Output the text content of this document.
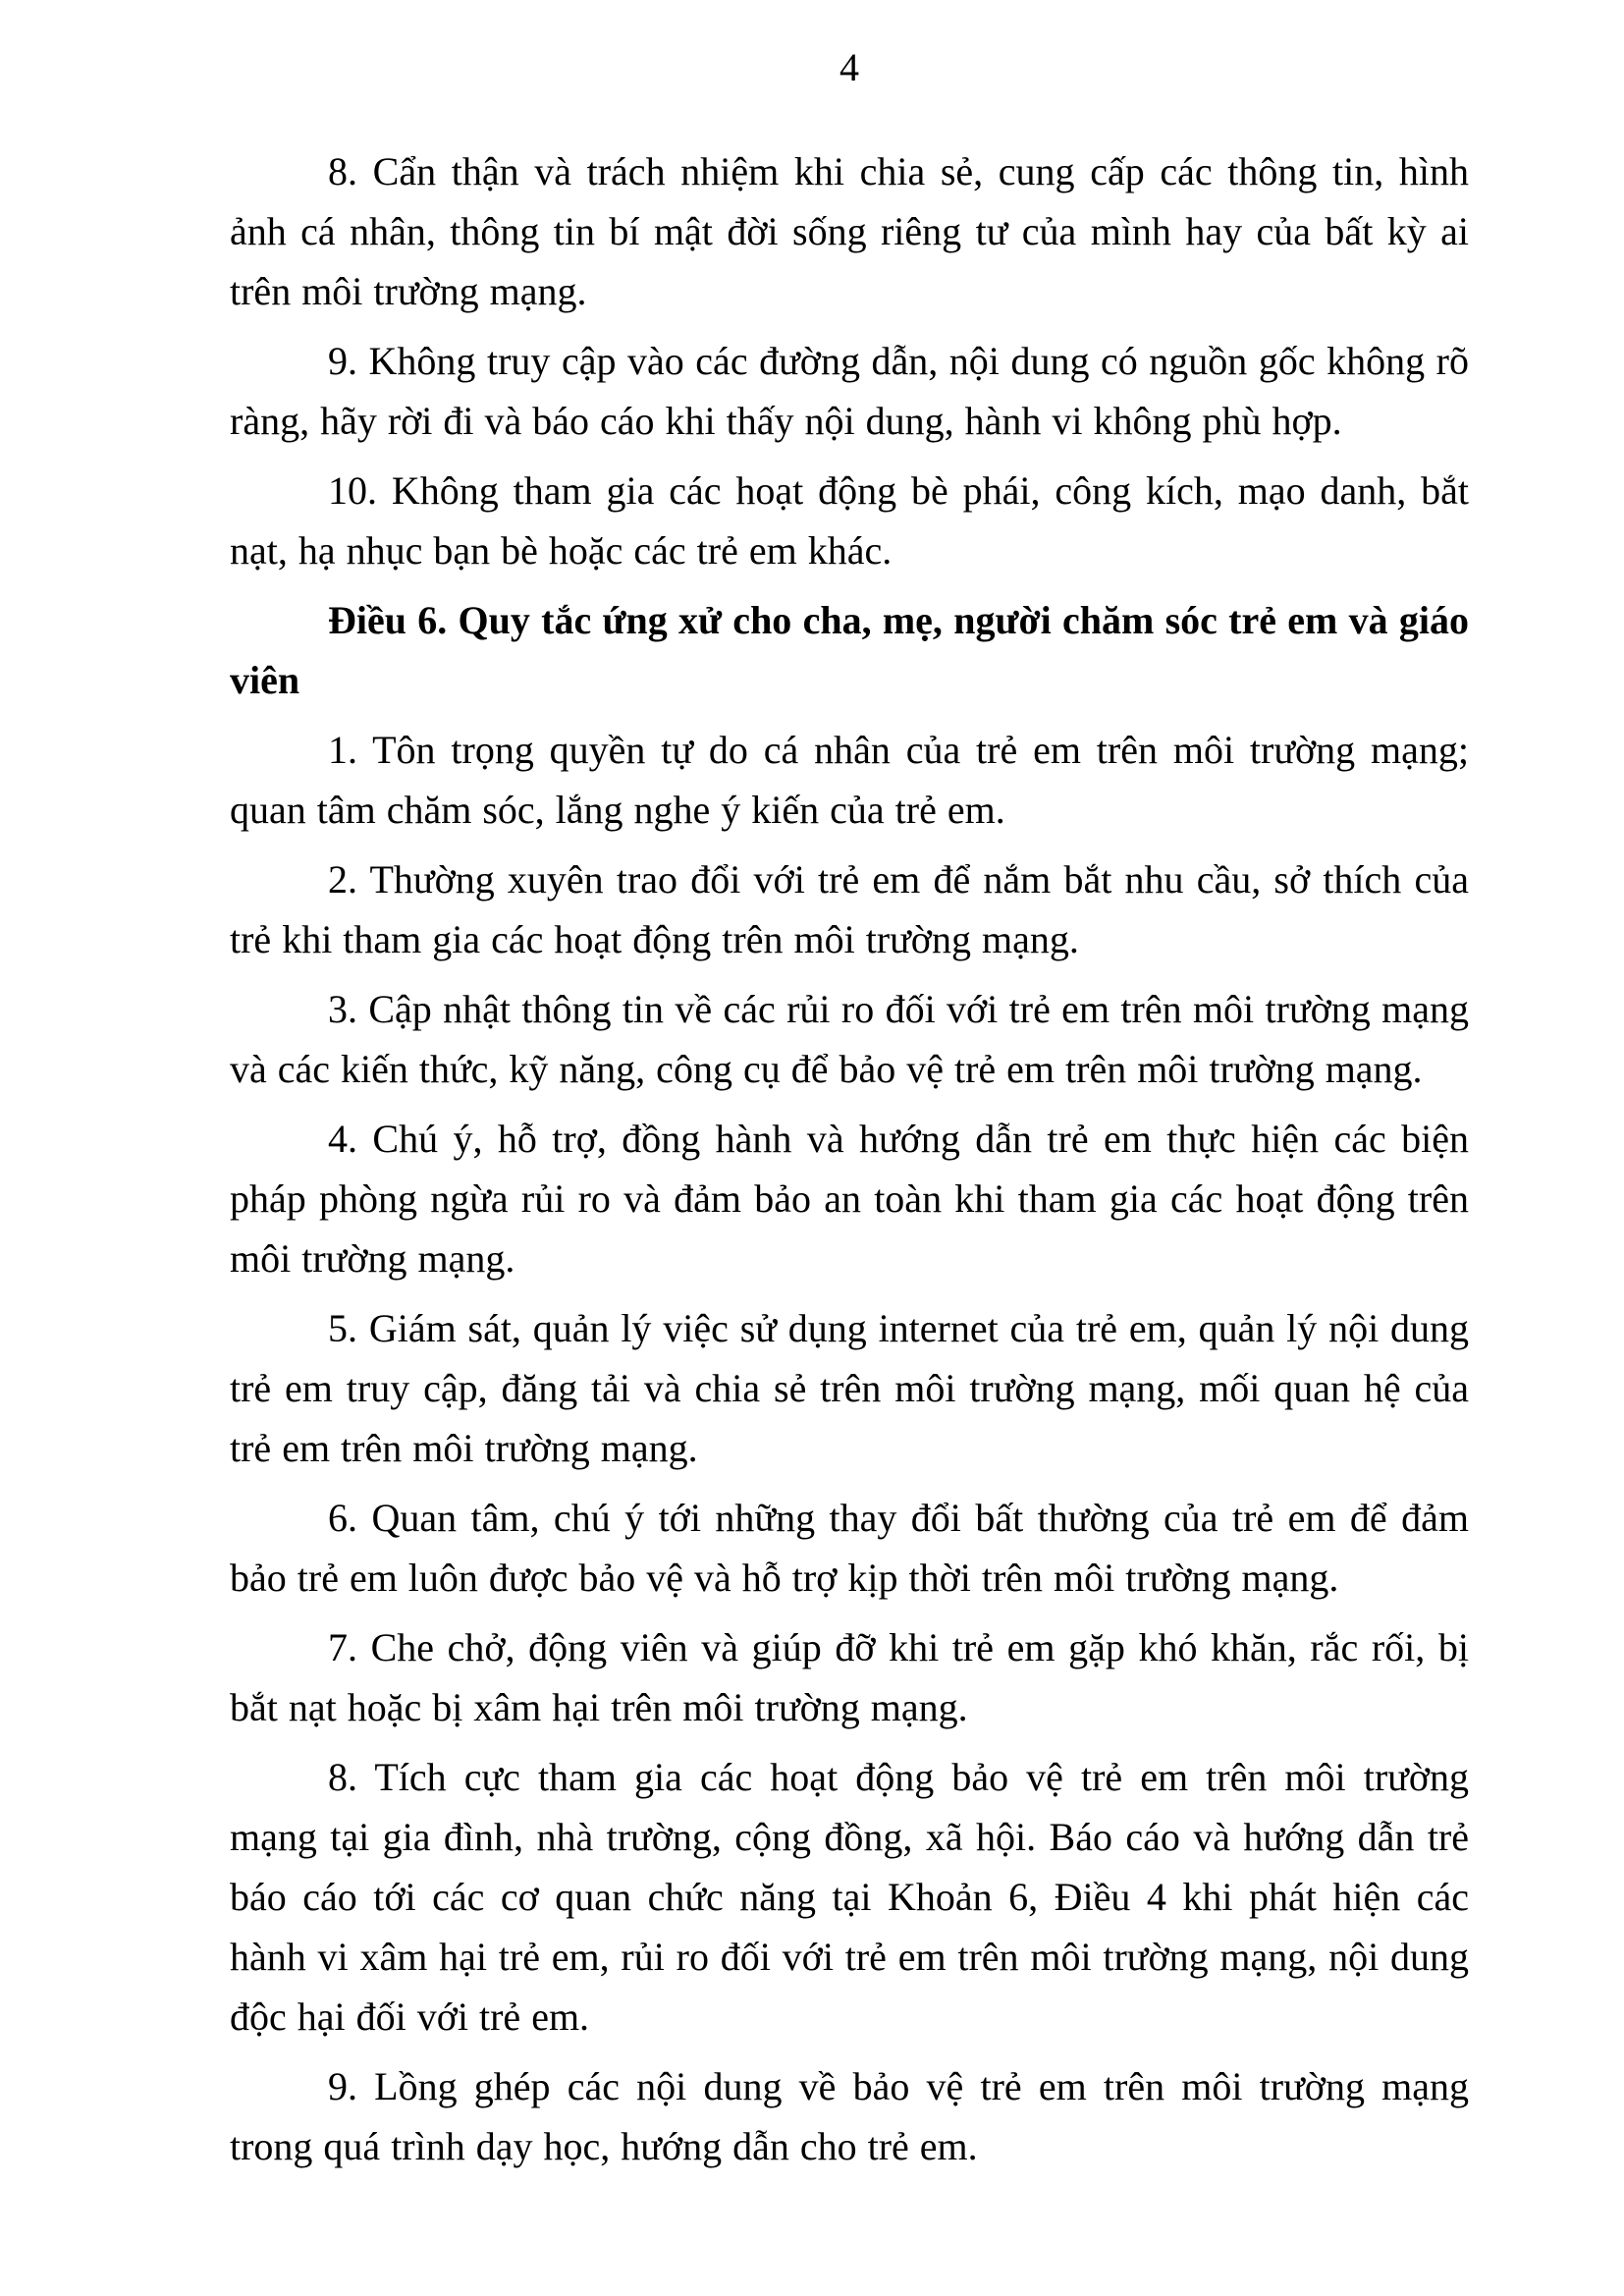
4

8. Cẩn thận và trách nhiệm khi chia sẻ, cung cấp các thông tin, hình ảnh cá nhân, thông tin bí mật đời sống riêng tư của mình hay của bất kỳ ai trên môi trường mạng.

9. Không truy cập vào các đường dẫn, nội dung có nguồn gốc không rõ ràng, hãy rời đi và báo cáo khi thấy nội dung, hành vi không phù hợp.

10. Không tham gia các hoạt động bè phái, công kích, mạo danh, bắt nạt, hạ nhục bạn bè hoặc các trẻ em khác.

Điều 6. Quy tắc ứng xử cho cha, mẹ, người chăm sóc trẻ em và giáo viên

1. Tôn trọng quyền tự do cá nhân của trẻ em trên môi trường mạng; quan tâm chăm sóc, lắng nghe ý kiến của trẻ em.

2. Thường xuyên trao đổi với trẻ em để nắm bắt nhu cầu, sở thích của trẻ khi tham gia các hoạt động trên môi trường mạng.

3. Cập nhật thông tin về các rủi ro đối với trẻ em trên môi trường mạng và các kiến thức, kỹ năng, công cụ để bảo vệ trẻ em trên môi trường mạng.

4. Chú ý, hỗ trợ, đồng hành và hướng dẫn trẻ em thực hiện các biện pháp phòng ngừa rủi ro và đảm bảo an toàn khi tham gia các hoạt động trên môi trường mạng.

5. Giám sát, quản lý việc sử dụng internet của trẻ em, quản lý nội dung trẻ em truy cập, đăng tải và chia sẻ trên môi trường mạng, mối quan hệ của trẻ em trên môi trường mạng.

6. Quan tâm, chú ý tới những thay đổi bất thường của trẻ em để đảm bảo trẻ em luôn được bảo vệ và hỗ trợ kịp thời trên môi trường mạng.

7. Che chở, động viên và giúp đỡ khi trẻ em gặp khó khăn, rắc rối, bị bắt nạt hoặc bị xâm hại trên môi trường mạng.

8. Tích cực tham gia các hoạt động bảo vệ trẻ em trên môi trường mạng tại gia đình, nhà trường, cộng đồng, xã hội. Báo cáo và hướng dẫn trẻ báo cáo tới các cơ quan chức năng tại Khoản 6, Điều 4 khi phát hiện các hành vi xâm hại trẻ em, rủi ro đối với trẻ em trên môi trường mạng, nội dung độc hại đối với trẻ em.

9. Lồng ghép các nội dung về bảo vệ trẻ em trên môi trường mạng trong quá trình dạy học, hướng dẫn cho trẻ em.
